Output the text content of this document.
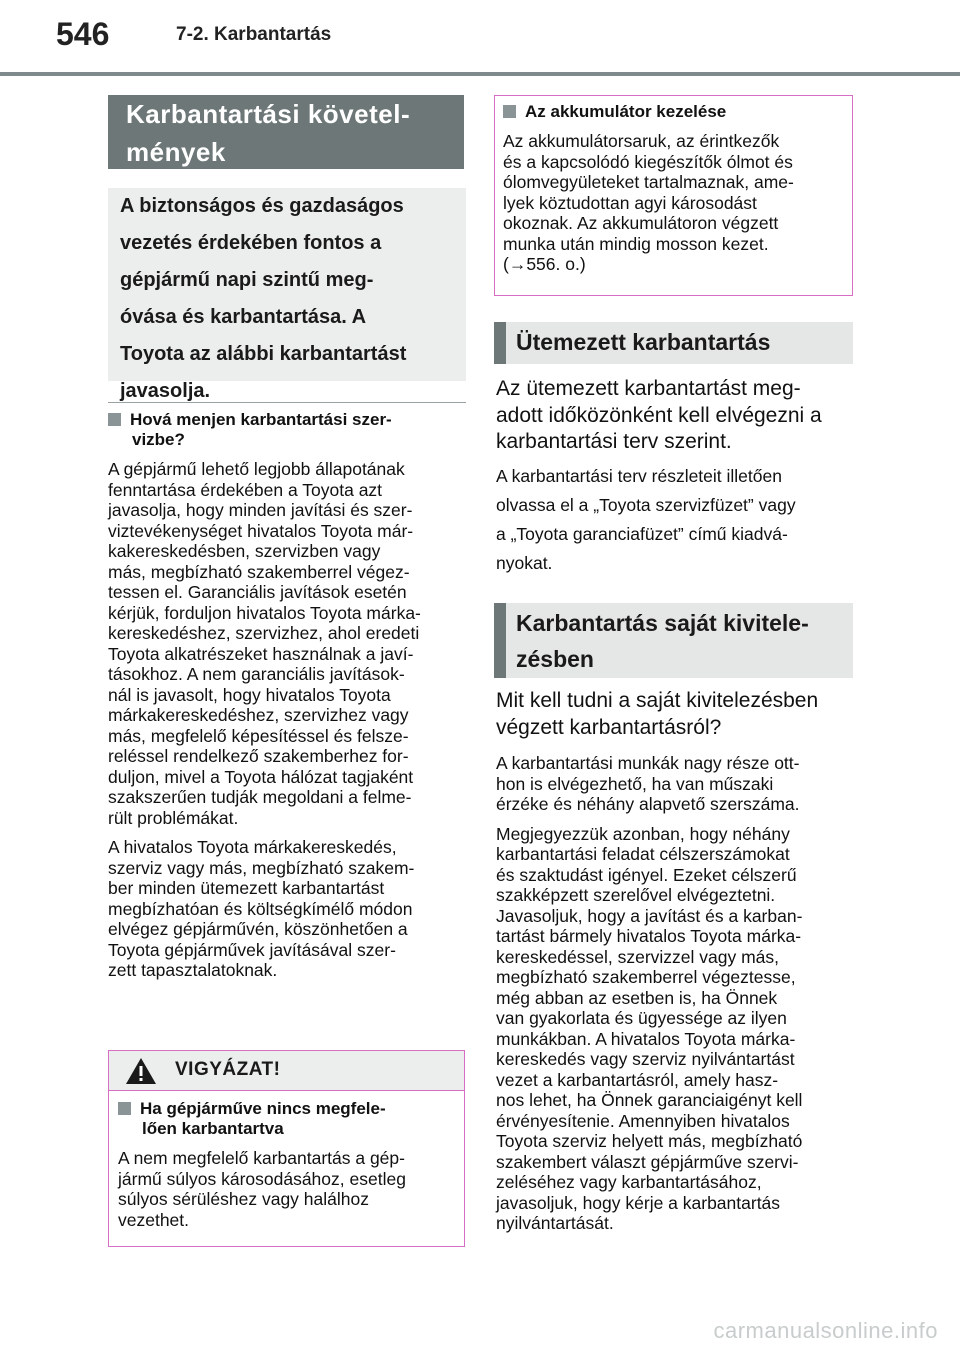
546	7-2. Karbantartás
Karbantartási követel-
mények
A biztonságos és gazdaságos
vezetés érdekében fontos a
gépjármű napi szintű meg-
óvása és karbantartása. A
Toyota az alábbi karbantartást
javasolja.
Hová menjen karbantartási szer-
vizbe?
A gépjármű lehető legjobb állapotának
fenntartása érdekében a Toyota azt
javasolja, hogy minden javítási és szer-
viztevékenységet hivatalos Toyota már-
kakereskedésben, szervizben vagy
más, megbízható szakemberrel végez-
tessen el. Garanciális javítások esetén
kérjük, forduljon hivatalos Toyota márka-
kereskedéshez, szervizhez, ahol eredeti
Toyota alkatrészeket használnak a javí-
tásokhoz. A nem garanciális javítások-
nál is javasolt, hogy hivatalos Toyota
márkakereskedéshez, szervizhez vagy
más, megfelelő képesítéssel és felsze-
reléssel rendelkező szakemberhez for-
duljon, mivel a Toyota hálózat tagjaként
szakszerűen tudják megoldani a felme-
rült problémákat.
A hivatalos Toyota márkakereskedés,
szerviz vagy más, megbízható szakem-
ber minden ütemezett karbantartást
megbízhatóan és költségkímélő módon
elvégez gépjárművén, köszönhetően a
Toyota gépjárművek javításával szer-
zett tapasztalatoknak.
VIGYÁZAT!
Ha gépjárműve nincs megfele-
lően karbantartva
A nem megfelelő karbantartás a gép-
jármű súlyos károsodásához, esetleg
súlyos sérüléshez vagy halálhoz
vezethet.
Az akkumulátor kezelése
Az akkumulátorsaruk, az érintkezők
és a kapcsolódó kiegészítők ólmot és
ólomvegyületeket tartalmaznak, ame-
lyek köztudottan agyi károsodást
okoznak. Az akkumulátoron végzett
munka után mindig mosson kezet.
(→556. o.)
Ütemezett karbantartás
Az ütemezett karbantartást meg-
adott időközönként kell elvégezni a
karbantartási terv szerint.
A karbantartási terv részleteit illetően
olvassa el a „Toyota szervizfüzet” vagy
a „Toyota garanciafüzet” című kiadvá-
nyokat.
Karbantartás saját kivitele-
zésben
Mit kell tudni a saját kivitelezésben
végzett karbantartásról?
A karbantartási munkák nagy része ott-
hon is elvégezhető, ha van műszaki
érzéke és néhány alapvető szerszáma.
Megjegyezzük azonban, hogy néhány
karbantartási feladat célszerszámokat
és szaktudást igényel. Ezeket célszerű
szakképzett szerelővel elvégeztetni.
Javasoljuk, hogy a javítást és a karban-
tartást bármely hivatalos Toyota márka-
kereskedéssel, szervizzel vagy más,
megbízható szakemberrel végeztesse,
még abban az esetben is, ha Önnek
van gyakorlata és ügyessége az ilyen
munkákban. A hivatalos Toyota márka-
kereskedés vagy szerviz nyilvántartást
vezet a karbantartásról, amely hasz-
nos lehet, ha Önnek garanciaigényt kell
érvényesítenie. Amennyiben hivatalos
Toyota szerviz helyett más, megbízható
szakembert választ gépjárműve szervi-
zeléséhez vagy karbantartásához,
javasoljuk, hogy kérje a karbantartás
nyilvántartását.
carmanualsonline.info
